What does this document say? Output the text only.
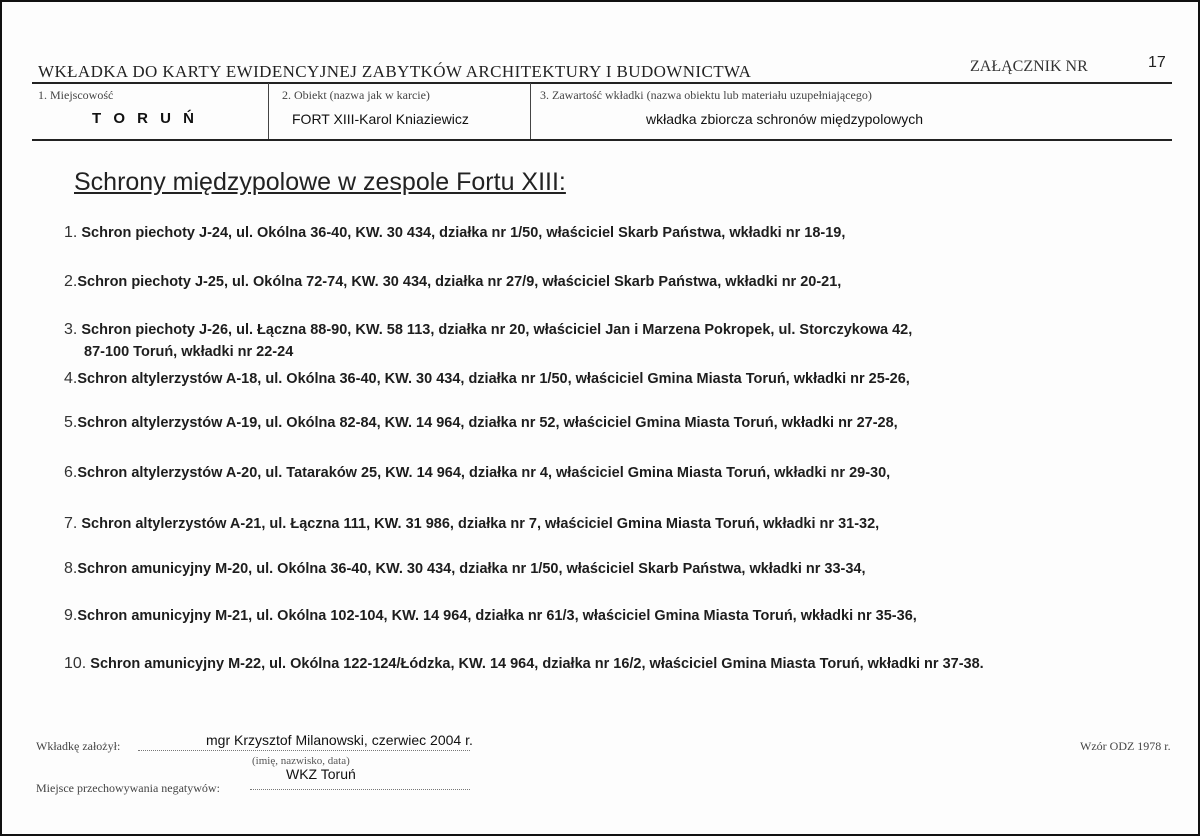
WKŁADKA DO KARTY EWIDENCYJNEJ ZABYTKÓW ARCHITEKTURY I BUDOWNICTWA	ZAŁĄCZNIK NR	17
1. Miejscowość
T O R U Ń
2. Obiekt (nazwa jak w karcie)
FORT XIII-Karol Kniaziewicz
3. Zawartość wkładki (nazwa obiektu lub materiału uzupełniającego)
wkładka zbiorcza schronów międzypolowych
Schrony międzypolowe w zespole Fortu XIII:
1. Schron piechoty J-24, ul. Okólna 36-40, KW. 30 434, działka nr 1/50, właściciel Skarb Państwa, wkładki nr 18-19,
2.Schron piechoty J-25, ul. Okólna 72-74, KW. 30 434, działka nr 27/9, właściciel Skarb Państwa, wkładki nr 20-21,
3. Schron piechoty J-26, ul. Łączna 88-90, KW. 58 113, działka nr 20, właściciel Jan i Marzena Pokropek, ul. Storczykowa 42,
87-100 Toruń, wkładki nr 22-24
4.Schron altylerzystów A-18, ul. Okólna 36-40, KW. 30 434, działka nr 1/50, właściciel Gmina Miasta Toruń, wkładki nr 25-26,
5.Schron altylerzystów A-19, ul. Okólna 82-84, KW. 14 964, działka nr 52, właściciel Gmina Miasta Toruń, wkładki nr 27-28,
6.Schron altylerzystów A-20, ul. Tataraków 25, KW. 14 964, działka nr 4, właściciel Gmina Miasta Toruń, wkładki nr 29-30,
7. Schron altylerzystów A-21, ul. Łączna 111, KW. 31 986, działka nr 7, właściciel Gmina Miasta Toruń, wkładki nr 31-32,
8.Schron amunicyjny M-20, ul. Okólna 36-40, KW. 30 434, działka nr 1/50, właściciel Skarb Państwa, wkładki nr 33-34,
9.Schron amunicyjny M-21, ul. Okólna 102-104, KW. 14 964, działka nr 61/3, właściciel Gmina Miasta Toruń, wkładki nr 35-36,
10. Schron amunicyjny M-22, ul. Okólna 122-124/Łódzka, KW. 14 964, działka nr 16/2, właściciel Gmina Miasta Toruń, wkładki nr 37-38.
Wkładkę założył:	mgr Krzysztof Milanowski, czerwiec 2004 r.
(imię, nazwisko, data)
WKZ Toruń
Miejsce przechowywania negatywów:
Wzór ODZ 1978 r.
